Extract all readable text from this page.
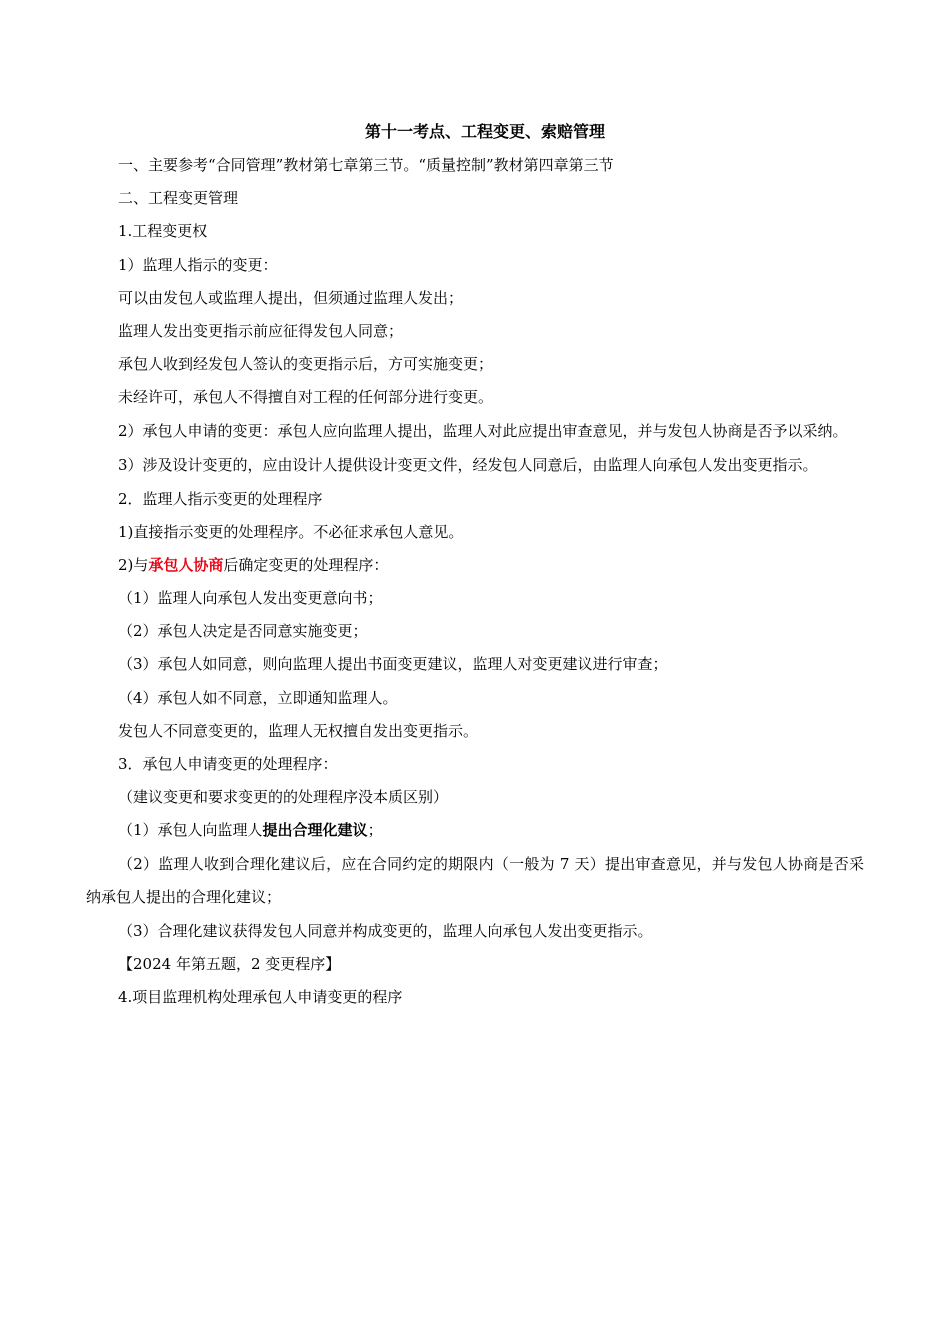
第十一考点、工程变更、索赔管理
一、主要参考“合同管理”教材第七章第三节。“质量控制”教材第四章第三节
二、工程变更管理
1.工程变更权
1）监理人指示的变更：
可以由发包人或监理人提出，但须通过监理人发出；
监理人发出变更指示前应征得发包人同意；
承包人收到经发包人签认的变更指示后，方可实施变更；
未经许可，承包人不得擅自对工程的任何部分进行变更。
2）承包人申请的变更：承包人应向监理人提出，监理人对此应提出审查意见，并与发包人协商是否予以采纳。
3）涉及设计变更的，应由设计人提供设计变更文件，经发包人同意后，由监理人向承包人发出变更指示。
2．监理人指示变更的处理程序
1)直接指示变更的处理程序。不必征求承包人意见。
2)与承包人协商后确定变更的处理程序：
（1）监理人向承包人发出变更意向书；
（2）承包人决定是否同意实施变更；
（3）承包人如同意，则向监理人提出书面变更建议，监理人对变更建议进行审查；
（4）承包人如不同意，立即通知监理人。
发包人不同意变更的，监理人无权擅自发出变更指示。
3．承包人申请变更的处理程序：
（建议变更和要求变更的的处理程序没本质区别）
（1）承包人向监理人提出合理化建议；
（2）监理人收到合理化建议后，应在合同约定的期限内（一般为 7 天）提出审查意见，并与发包人协商是否采纳承包人提出的合理化建议；
（3）合理化建议获得发包人同意并构成变更的，监理人向承包人发出变更指示。
【2024 年第五题，2 变更程序】
4.项目监理机构处理承包人申请变更的程序
